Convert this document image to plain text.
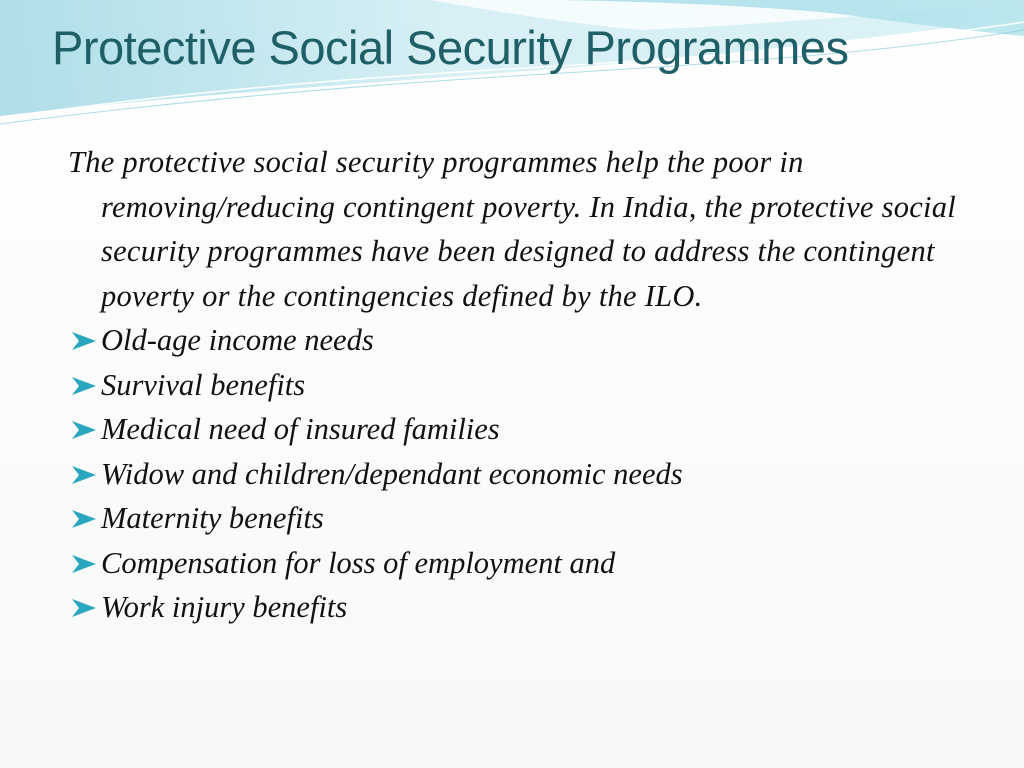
Protective Social Security Programmes

The protective social security programmes help the poor in removing/reducing contingent poverty. In India, the protective social security programmes have been designed to address the contingent poverty or the contingencies defined by the ILO.

Old-age income needs
Survival benefits
Medical need of insured families
Widow and children/dependant economic needs
Maternity benefits
Compensation for loss of employment and
Work injury benefits
